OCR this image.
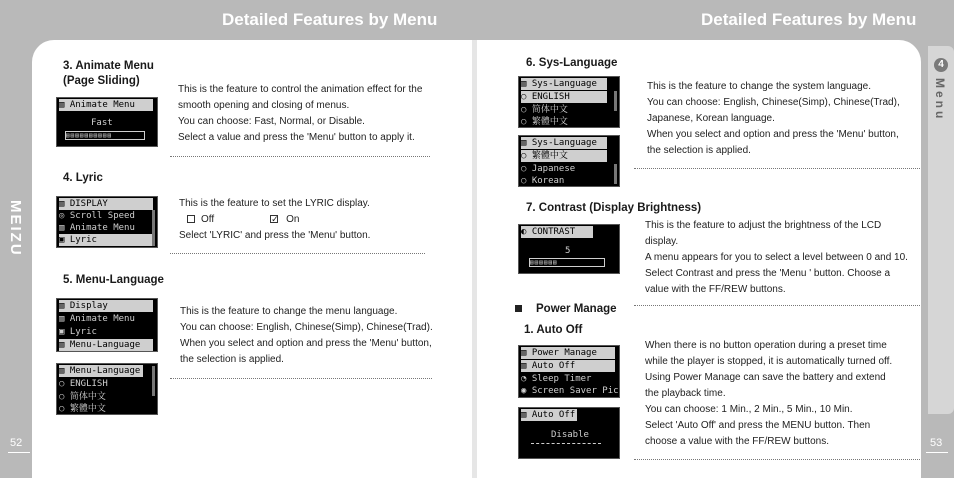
MEIZU
Detailed Features by Menu	Detailed Features by Menu
4
Menu
52	53
3. Animate Menu
(Page Sliding)
▥ Animate Menu
Fast
▤▤▤▤▤▤▤▤▤▤
This is the feature to control the animation effect for the
smooth opening and closing of menus.
You can choose: Fast, Normal, or Disable.
Select a value and press the 'Menu' button to apply it.
4. Lyric
▥ DISPLAY
◎ Scroll Speed
▥ Animate Menu
▣ Lyric
This is the feature to set the LYRIC display.
Off✓	On
Select 'LYRIC' and press the 'Menu' button.
5. Menu-Language
▥ Display
▥ Animate Menu
▣ Lyric
▥ Menu-Language
▥ Menu-Language
○ ENGLISH
○ 简体中文
○ 繁體中文
This is the feature to change the menu language.
You can choose: English, Chinese(Simp), Chinese(Trad).
When you select and option and press the 'Menu' button,
the selection is applied.
6. Sys-Language
▥ Sys-Language
○ ENGLISH
○ 简体中文
○ 繁體中文
▥ Sys-Language
○ 繁體中文
○ Japanese
○ Korean
This is the feature to change the system language.
You can choose: English, Chinese(Simp), Chinese(Trad),
Japanese, Korean language.
When you select and option and press the 'Menu' button,
the selection is applied.
7. Contrast (Display Brightness)
◐ CONTRAST
5
▤▤▤▤▤▤
This is the feature to adjust the brightness of the LCD
display.
A menu appears for you to select a level between 0 and 10.
Select Contrast and press the 'Menu ' button. Choose a
value with the FF/REW buttons.
Power Manage
1. Auto Off
▥ Power Manage
▥ Auto Off
◔ Sleep Timer
◉ Screen Saver Pic
▥ Auto Off
Disable
When there is no button operation during a preset time
while the player is stopped, it is automatically turned off.
Using Power Manage can save the battery and extend
the playback time.
You can choose: 1 Min., 2 Min., 5 Min., 10 Min.
Select 'Auto Off' and press the MENU button. Then
choose a value with the FF/REW buttons.
